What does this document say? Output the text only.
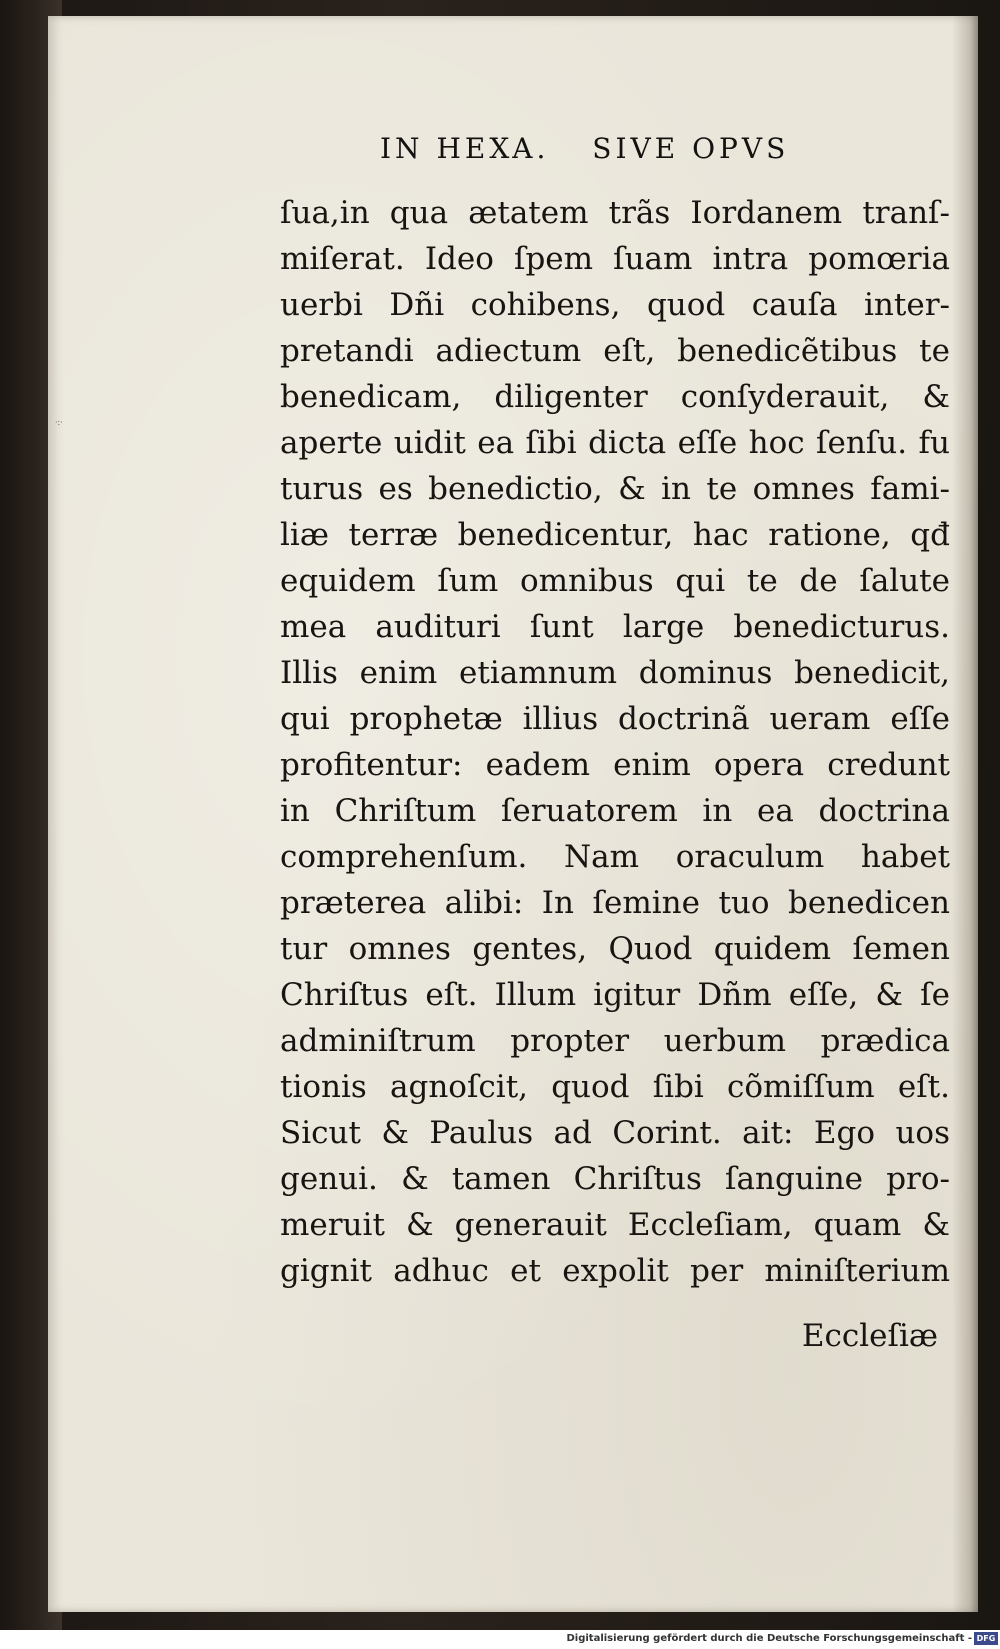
·:·
IN HEXA. SIVE OPVS
ſua,in qua ætatem trãs Iordanem tranſ-
miſerat. Ideo ſpem ſuam intra pomœria
uerbi Dñi cohibens, quod cauſa inter-
pretandi adiectum eſt, benedicẽtibus te
benedicam, diligenter conſyderauit, &
aperte uidit ea ſibi dicta eſſe hoc ſenſu. fu
turus es benedictio, & in te omnes fami-
liæ terræ benedicentur, hac ratione, qđ
equidem ſum omnibus qui te de ſalute
mea audituri ſunt large benedicturus.
Illis enim etiamnum dominus benedicit,
qui prophetæ illius doctrinã ueram eſſe
profitentur: eadem enim opera credunt
in Chriſtum ſeruatorem in ea doctrina
comprehenſum. Nam oraculum habet
præterea alibi: In ſemine tuo benedicen
tur omnes gentes, Quod quidem ſemen
Chriſtus eſt. Illum igitur Dñm eſſe, & ſe
adminiſtrum propter uerbum prædica
tionis agnoſcit, quod ſibi cõmiſſum eſt.
Sicut & Paulus ad Corint. ait: Ego uos
genui. & tamen Chriſtus ſanguine pro-
meruit & generauit Eccleſiam, quam &
gignit adhuc et expolit per miniſterium
Eccleſiæ
Digitalisierung gefördert durch die Deutsche Forschungsgemeinschaft - DFG
